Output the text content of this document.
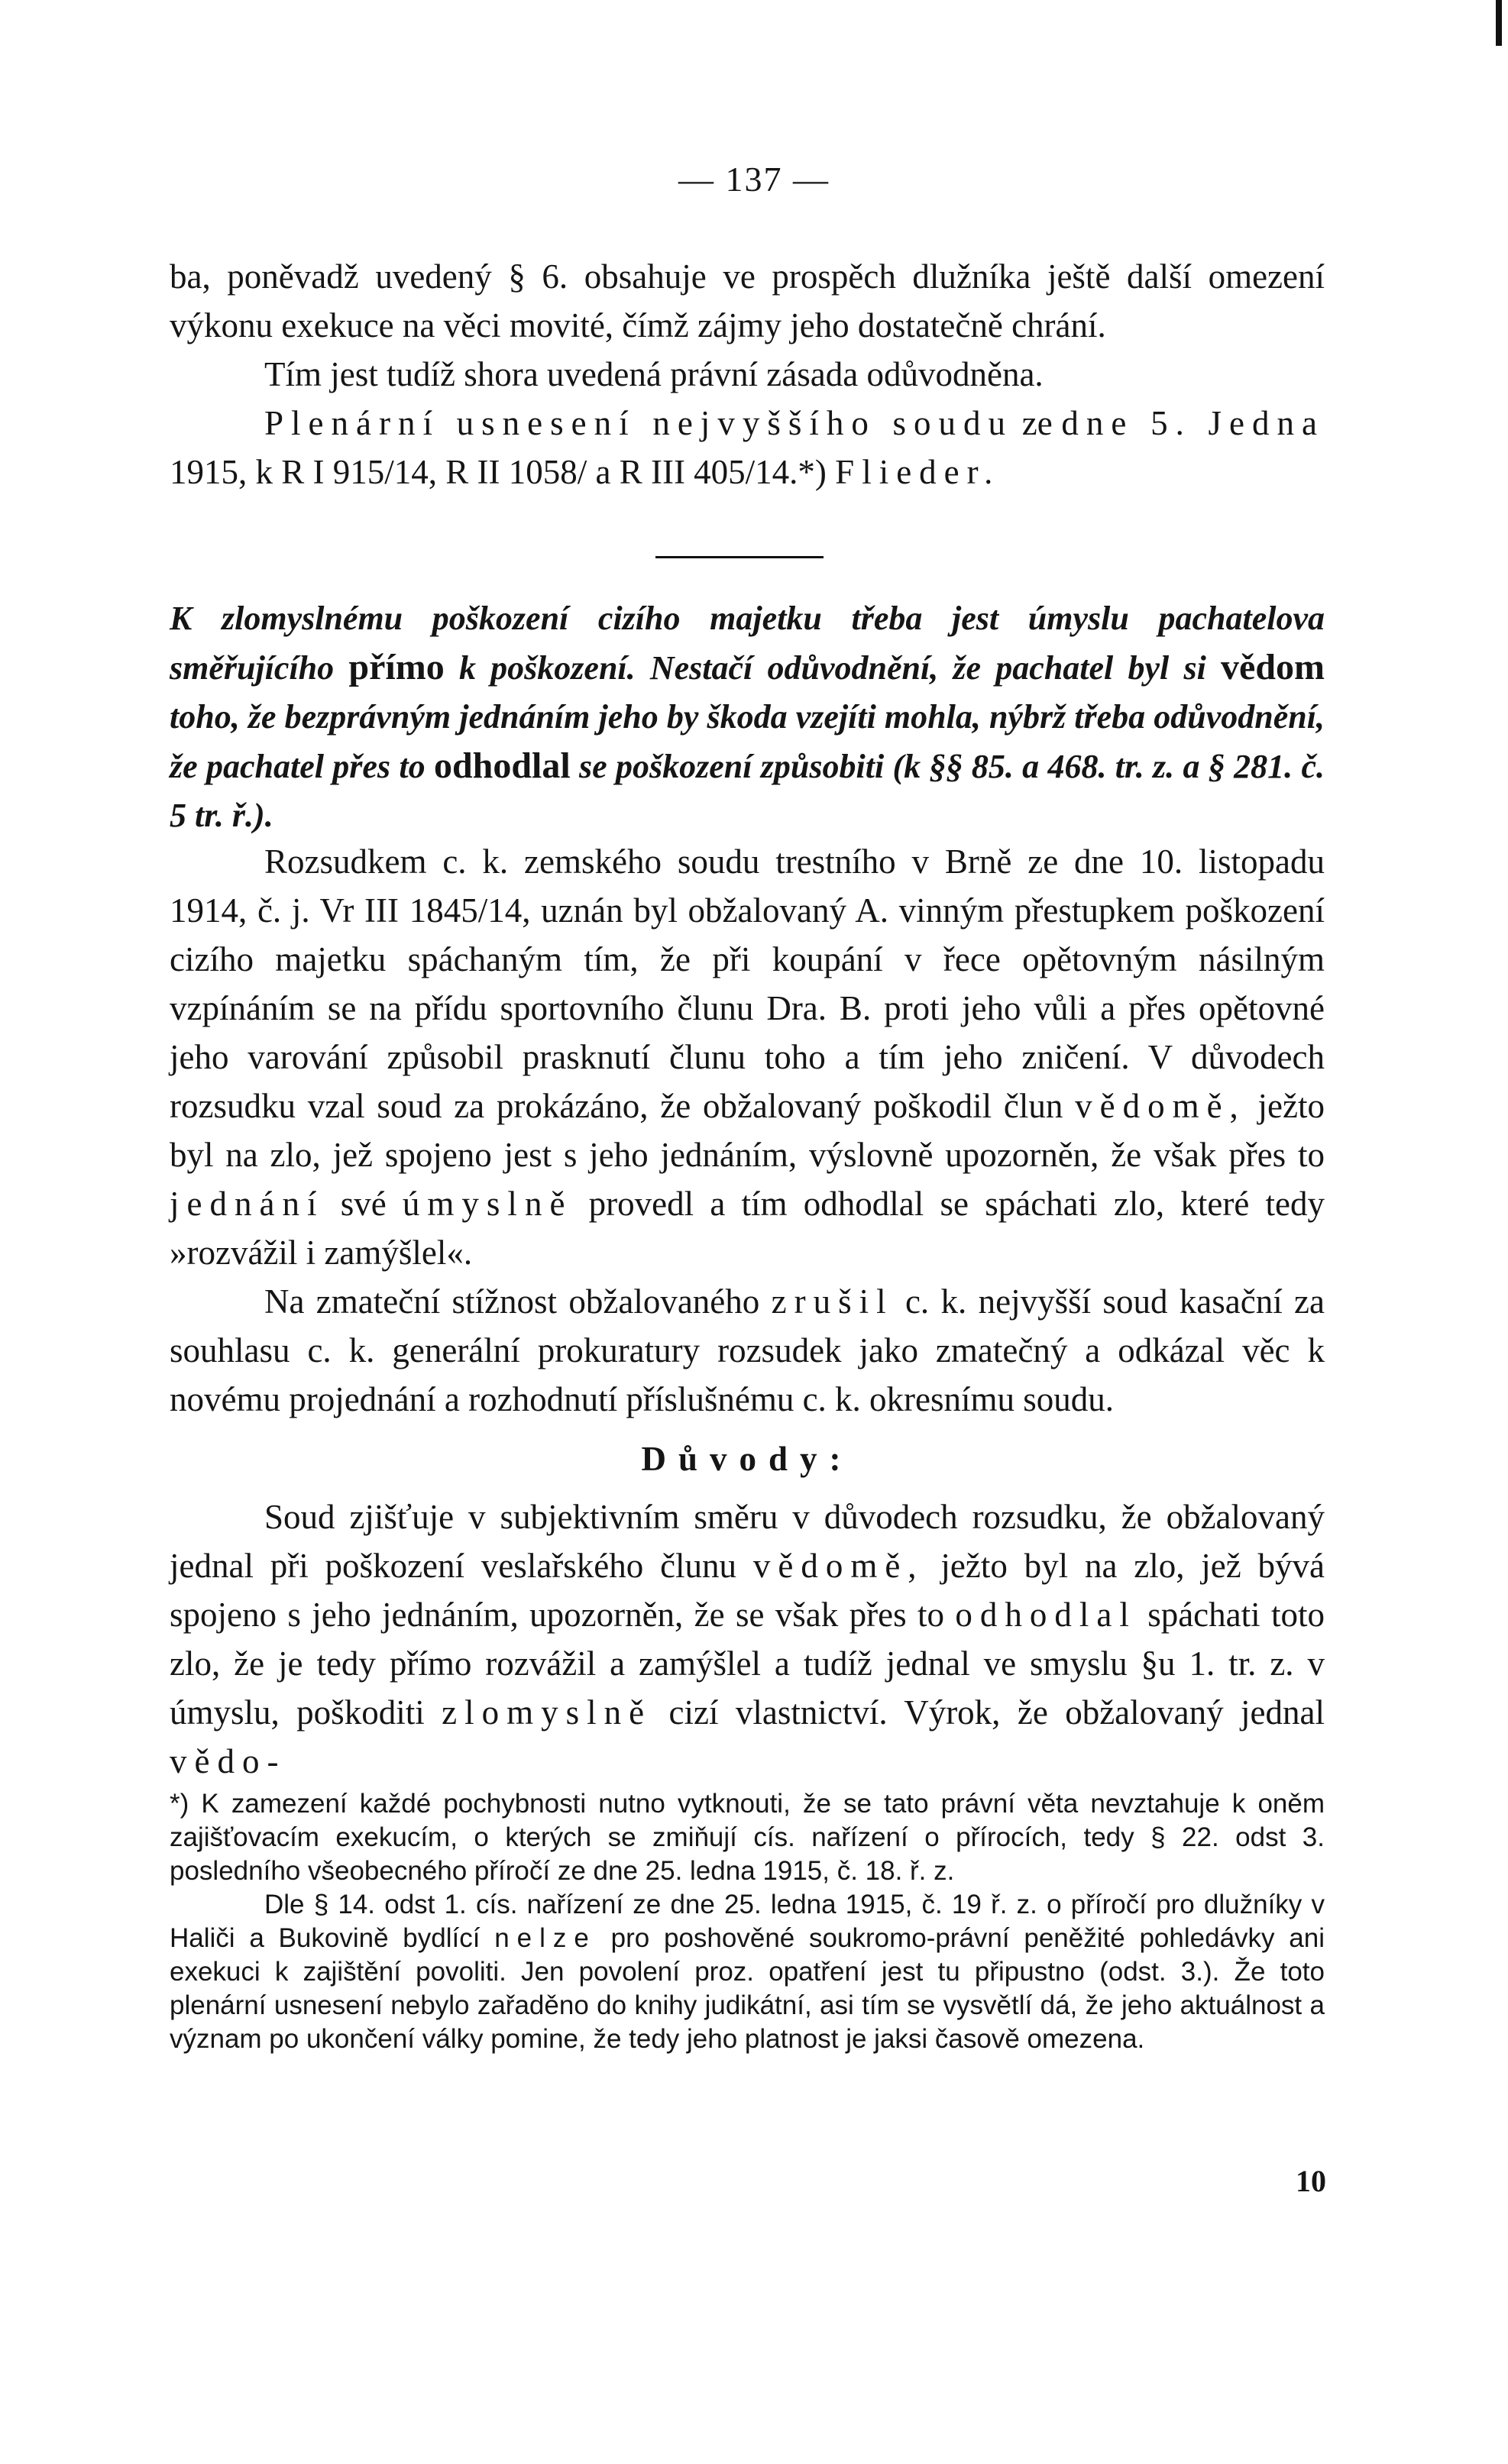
— 137 —

ba, poněvadž uvedený § 6. obsahuje ve prospěch dlužníka ještě další omezení výkonu exekuce na věci movité, čímž zájmy jeho dostatečně chrání.

Tím jest tudíž shora uvedená právní zásada odůvodněna.

Plenární usnesení nejvyššího soudu ze dne 5. Jedna 1915, k R I 915/14, R II 1058/ a R III 405/14.*) Flieder.

K zlomyslnému poškození cizího majetku třeba jest úmyslu pachatelova směřujícího přímo k poškození. Nestačí odůvodnění, že pachatel byl si vědom toho, že bezprávným jednáním jeho by škoda vzejíti mohla, nýbrž třeba odůvodnění, že pachatel přes to odhodlal se poškození způsobiti (k §§ 85. a 468. tr. z. a § 281. č. 5 tr. ř.).

Rozsudkem c. k. zemského soudu trestního v Brně ze dne 10. listopadu 1914, č. j. Vr III 1845/14, uznán byl obžalovaný A. vinným přestupkem poškození cizího majetku spáchaným tím, že při koupání v řece opětovným násilným vzpínáním se na přídu sportovního člunu Dra. B. proti jeho vůli a přes opětovné jeho varování způsobil prasknutí člunu toho a tím jeho zničení. V důvodech rozsudku vzal soud za prokázáno, že obžalovaný poškodil člun vědomě, ježto byl na zlo, jež spojeno jest s jeho jednáním, výslovně upozorněn, že však přes to jednání své úmyslně provedl a tím odhodlal se spáchati zlo, které tedy »rozvážil i zamýšlel«.

Na zmateční stížnost obžalovaného zrušil c. k. nejvyšší soud kasační za souhlasu c. k. generální prokuratury rozsudek jako zmatečný a odkázal věc k novému projednání a rozhodnutí příslušnému c. k. okresnímu soudu.

Důvody:

Soud zjišťuje v subjektivním směru v důvodech rozsudku, že obžalovaný jednal při poškození veslařského člunu vědomě, ježto byl na zlo, jež bývá spojeno s jeho jednáním, upozorněn, že se však přes to odhodlal spáchati toto zlo, že je tedy přímo rozvážil a zamýšlel a tudíž jednal ve smyslu §u 1. tr. z. v úmyslu, poškoditi zlomyslně cizí vlastnictví. Výrok, že obžalovaný jednal vědo-

*) K zamezení každé pochybnosti nutno vytknouti, že se tato právní věta nevztahuje k oněm zajišťovacím exekucím, o kterých se zmiňují cís. nařízení o přírocích, tedy § 22. odst 3. posledního všeobecného příročí ze dne 25. ledna 1915, č. 18. ř. z.

Dle § 14. odst 1. cís. nařízení ze dne 25. ledna 1915, č. 19 ř. z. o příročí pro dlužníky v Haliči a Bukovině bydlící nelze pro poshověné soukromo-právní peněžité pohledávky ani exekuci k zajištění povoliti. Jen povolení proz. opatření jest tu připustno (odst. 3.). Že toto plenární usnesení nebylo zařaděno do knihy judikátní, asi tím se vysvětlí dá, že jeho aktuálnost a význam po ukončení války pomine, že tedy jeho platnost je jaksi časově omezena.

10
